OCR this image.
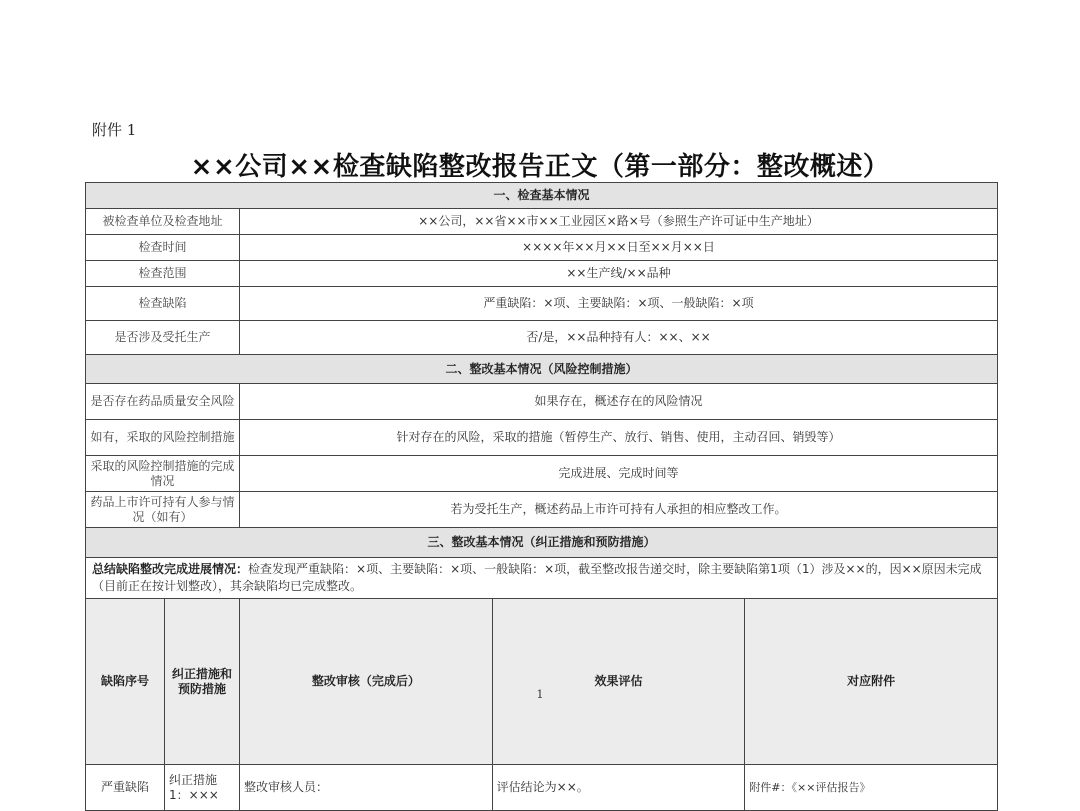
附件 1
××公司××检查缺陷整改报告正文（第一部分：整改概述）
一、检查基本情况				
被检查单位及检查地址		××公司，××省××市××工业园区×路×号（参照生产许可证中生产地址）		
检查时间		××××年××月××日至××月××日		
检查范围		××生产线/××品种		
检查缺陷		严重缺陷：×项、主要缺陷：×项、一般缺陷：×项		
是否涉及受托生产		否/是，××品种持有人：××、××		
二、整改基本情况（风险控制措施）				
是否存在药品质量安全风险		如果存在，概述存在的风险情况		
如有，采取的风险控制措施		针对存在的风险，采取的措施（暂停生产、放行、销售、使用，主动召回、销毁等）		
采取的风险控制措施的完成情况		完成进展、完成时间等		
药品上市许可持有人参与情况（如有）		若为受托生产，概述药品上市许可持有人承担的相应整改工作。		
三、整改基本情况（纠正措施和预防措施）				
总结缺陷整改完成进展情况：检查发现严重缺陷：×项、主要缺陷：×项、一般缺陷：×项，截至整改报告递交时，除主要缺陷第1项（1）涉及××的，因××原因未完成（目前正在按计划整改），其余缺陷均已完成整改。				
缺陷序号	纠正措施和预防措施		整改审核（完成后）	效果评估	对应附件
严重缺陷	纠正措施1：×××		整改审核人员：	评估结论为××。	附件#：《××评估报告》
1
